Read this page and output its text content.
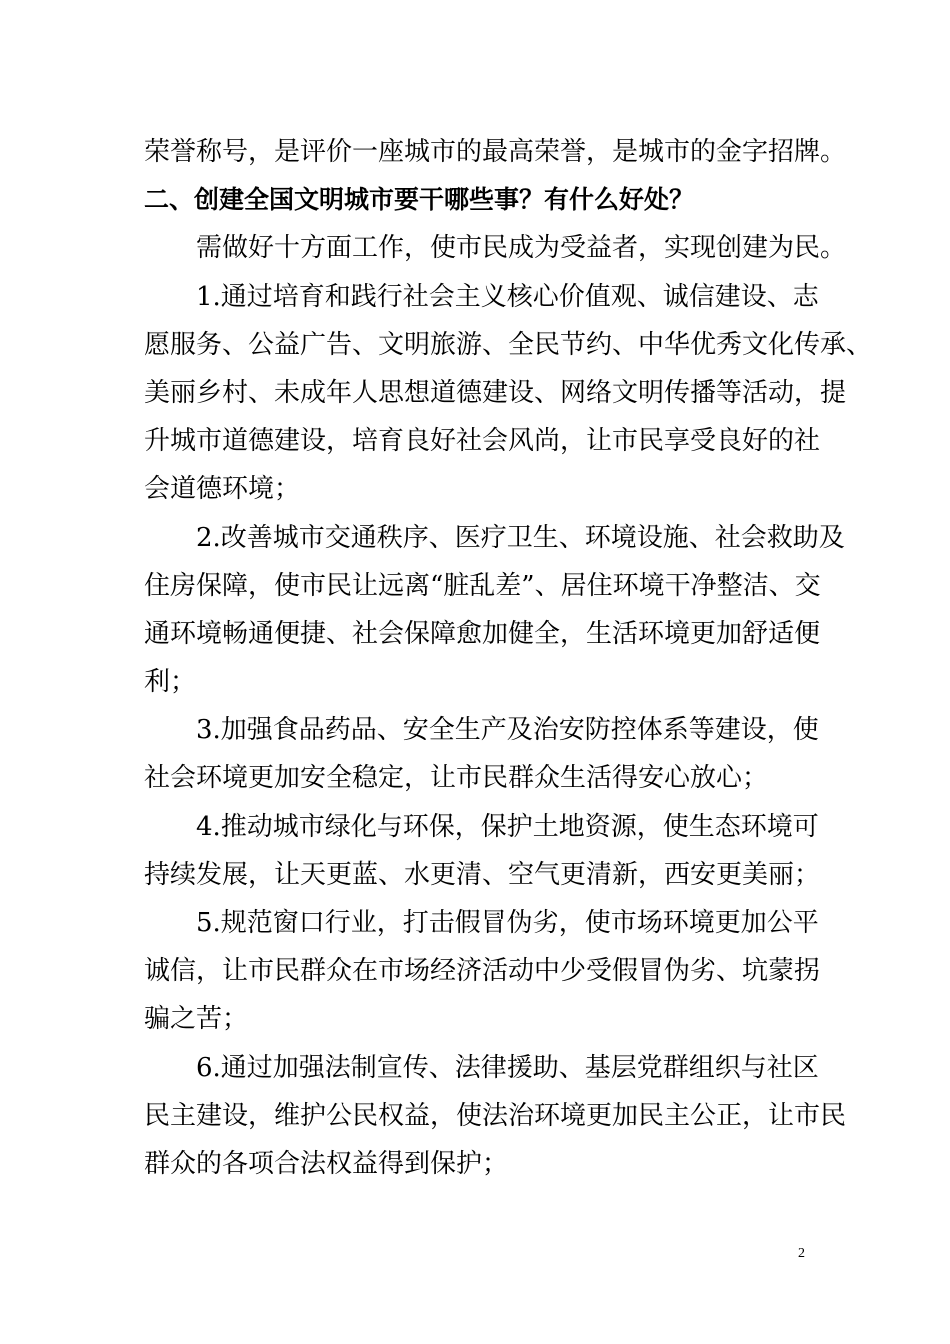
荣誉称号，是评价一座城市的最高荣誉，是城市的金字招牌。
二、创建全国文明城市要干哪些事？有什么好处？
需做好十方面工作，使市民成为受益者，实现创建为民。
1.通过培育和践行社会主义核心价值观、诚信建设、志
愿服务、公益广告、文明旅游、全民节约、中华优秀文化传承、
美丽乡村、未成年人思想道德建设、网络文明传播等活动，提
升城市道德建设，培育良好社会风尚，让市民享受良好的社
会道德环境；
2.改善城市交通秩序、医疗卫生、环境设施、社会救助及
住房保障，使市民让远离“脏乱差”、居住环境干净整洁、交
通环境畅通便捷、社会保障愈加健全，生活环境更加舒适便
利；
3.加强食品药品、安全生产及治安防控体系等建设，使
社会环境更加安全稳定，让市民群众生活得安心放心；
4.推动城市绿化与环保，保护土地资源，使生态环境可
持续发展，让天更蓝、水更清、空气更清新，西安更美丽；
5.规范窗口行业，打击假冒伪劣，使市场环境更加公平
诚信，让市民群众在市场经济活动中少受假冒伪劣、坑蒙拐
骗之苦；
6.通过加强法制宣传、法律援助、基层党群组织与社区
民主建设，维护公民权益，使法治环境更加民主公正，让市民
群众的各项合法权益得到保护；
2
